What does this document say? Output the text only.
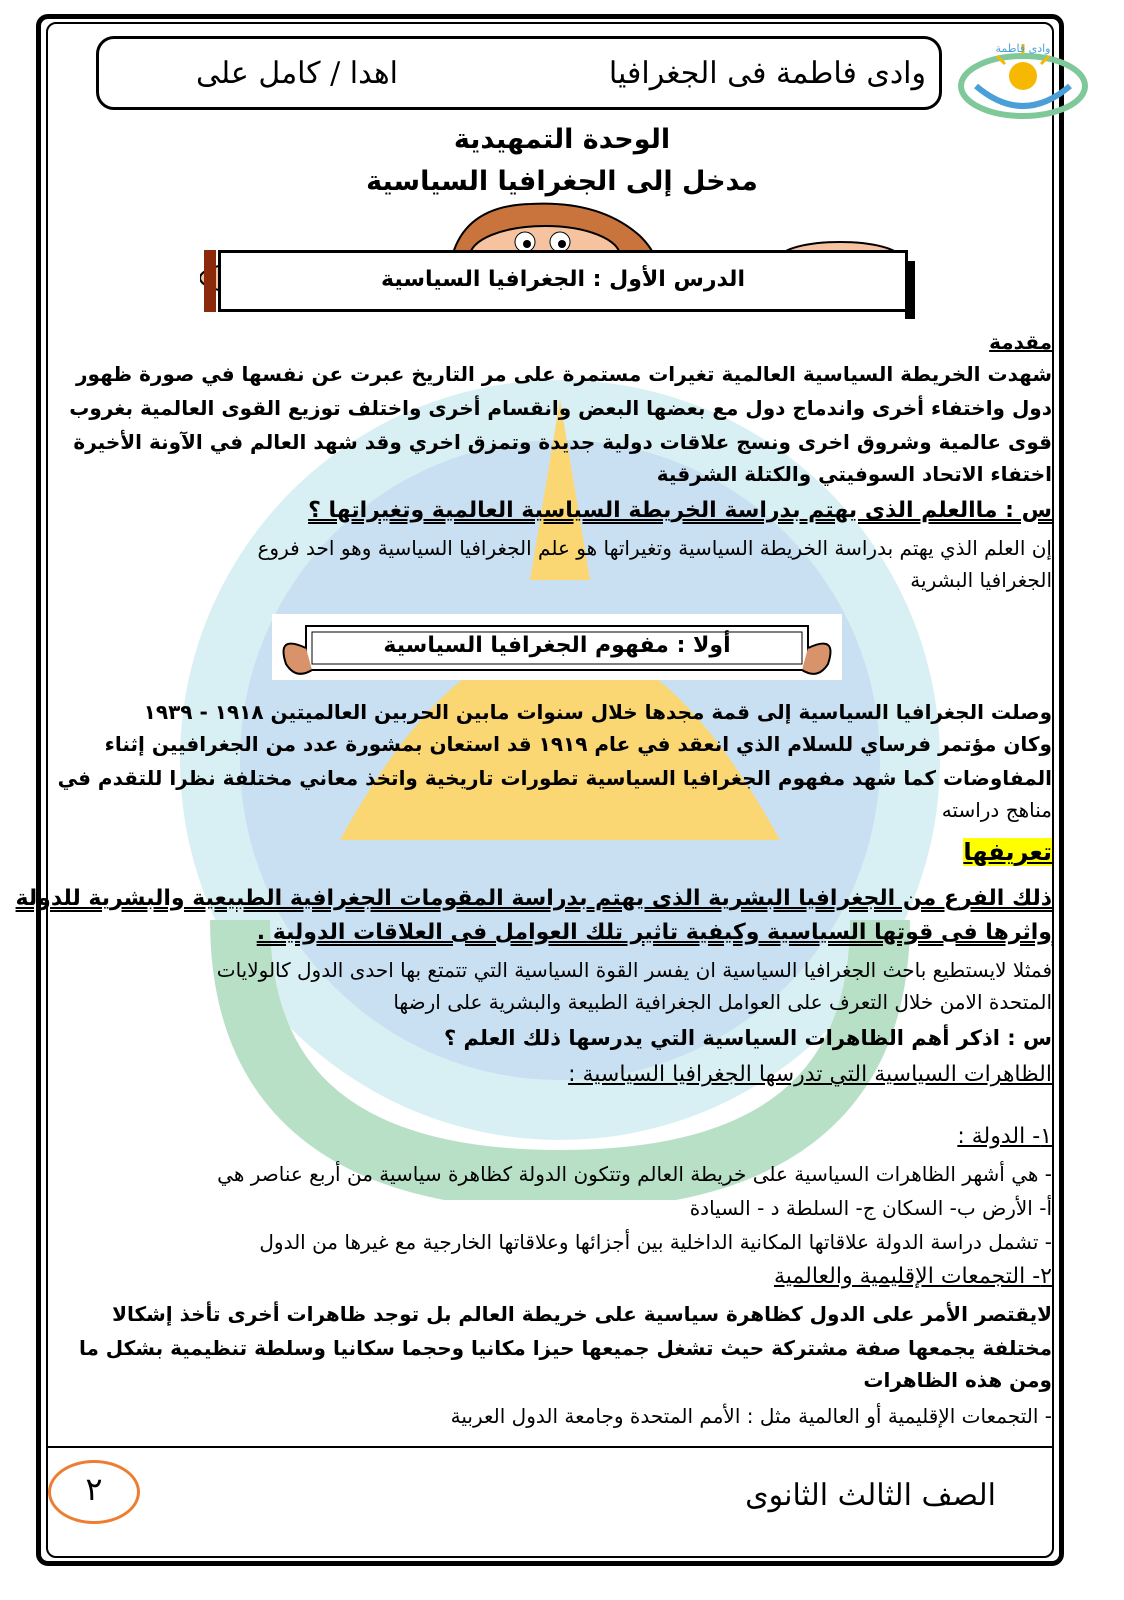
وادى فاطمة فى الجغرافيا
اهدا / كامل على
وادى فاطمة
الوحدة التمهيدية
مدخل إلى الجغرافيا السياسية
الدرس الأول : الجغرافيا السياسية
مقدمة
شهدت الخريطة السياسية العالمية تغيرات مستمرة على مر التاريخ عبرت عن نفسها في صورة ظهور
دول واختفاء أخرى واندماج دول مع بعضها البعض وانقسام أخرى واختلف توزيع القوى العالمية بغروب
قوى عالمية وشروق اخرى ونسج علاقات دولية جديدة وتمزق اخري وقد شهد العالم في الآونة الأخيرة
اختفاء الاتحاد السوفيتي والكتلة الشرقية
س : ماالعلم الذى يهتم بدراسة الخريطة السياسية العالمية وتغيراتها ؟
إن العلم الذي يهتم بدراسة الخريطة السياسية وتغيراتها هو علم الجغرافيا السياسية وهو احد فروع
الجغرافيا البشرية
أولا : مفهوم الجغرافيا السياسية
وصلت الجغرافيا السياسية إلى قمة مجدها خلال سنوات مابين الحربين العالميتين ١٩١٨ - ١٩٣٩
وكان مؤتمر فرساي للسلام الذي انعقد في عام ١٩١٩ قد استعان بمشورة عدد من الجغرافيين إثناء
المفاوضات كما شهد مفهوم الجغرافيا السياسية تطورات تاريخية واتخذ معاني مختلفة نظرا للتقدم في
مناهج دراسته
تعريفها
ذلك الفرع من الجغرافيا البشرية الذى يهتم بدراسة المقومات الجغرافية الطبيعية والبشرية للدولة
واثرها فى قوتها السياسية وكيفية تاثير تلك العوامل فى العلاقات الدولية .
فمثلا لايستطيع باحث الجغرافيا السياسية ان يفسر القوة السياسية التي تتمتع بها احدى الدول كالولايات
المتحدة الامن خلال التعرف على العوامل الجغرافية الطبيعة والبشرية على ارضها
س : اذكر أهم الظاهرات السياسية التي يدرسها ذلك العلم ؟
الظاهرات السياسية التي تدرسها الجغرافيا السياسية :
١- الدولة :
- هي أشهر الظاهرات السياسية على خريطة العالم وتتكون الدولة كظاهرة سياسية من أربع عناصر هي
أ- الأرض ب- السكان ج- السلطة د - السيادة
- تشمل دراسة الدولة علاقاتها المكانية الداخلية بين أجزائها وعلاقاتها الخارجية مع غيرها من الدول
٢- التجمعات الإقليمية والعالمية
لايقتصر الأمر على الدول كظاهرة سياسية على خريطة العالم بل توجد ظاهرات أخرى تأخذ إشكالا
مختلفة يجمعها صفة مشتركة حيث تشغل جميعها حيزا مكانيا وحجما سكانيا وسلطة تنظيمية بشكل ما
ومن هذه الظاهرات
- التجمعات الإقليمية أو العالمية مثل : الأمم المتحدة وجامعة الدول العربية
٢	الصف الثالث الثانوى
